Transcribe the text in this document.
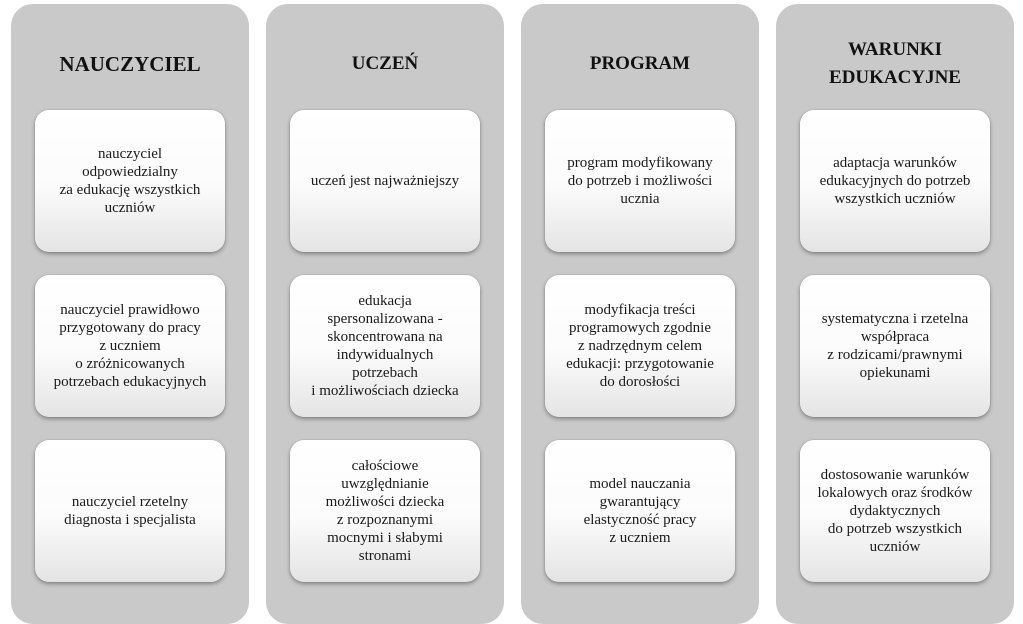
NAUCZYCIEL
nauczyciel
odpowiedzialny
za edukację wszystkich
uczniów
nauczyciel prawidłowo
przygotowany do pracy
z uczniem
o zróżnicowanych
potrzebach edukacyjnych
nauczyciel rzetelny
diagnosta i specjalista
UCZEŃ
uczeń jest najważniejszy
edukacja
spersonalizowana -
skoncentrowana na
indywidualnych
potrzebach
i możliwościach dziecka
całościowe
uwzględnianie
możliwości dziecka
z rozpoznanymi
mocnymi i słabymi
stronami
PROGRAM
program modyfikowany
do potrzeb i możliwości
ucznia
modyfikacja treści
programowych zgodnie
z nadrzędnym celem
edukacji: przygotowanie
do dorosłości
model nauczania
gwarantujący
elastyczność pracy
z uczniem
WARUNKI
EDUKACYJNE
adaptacja warunków
edukacyjnych do potrzeb
wszystkich uczniów
systematyczna i rzetelna
współpraca
z rodzicami/prawnymi
opiekunami
dostosowanie warunków
lokalowych oraz środków
dydaktycznych
do potrzeb wszystkich
uczniów
